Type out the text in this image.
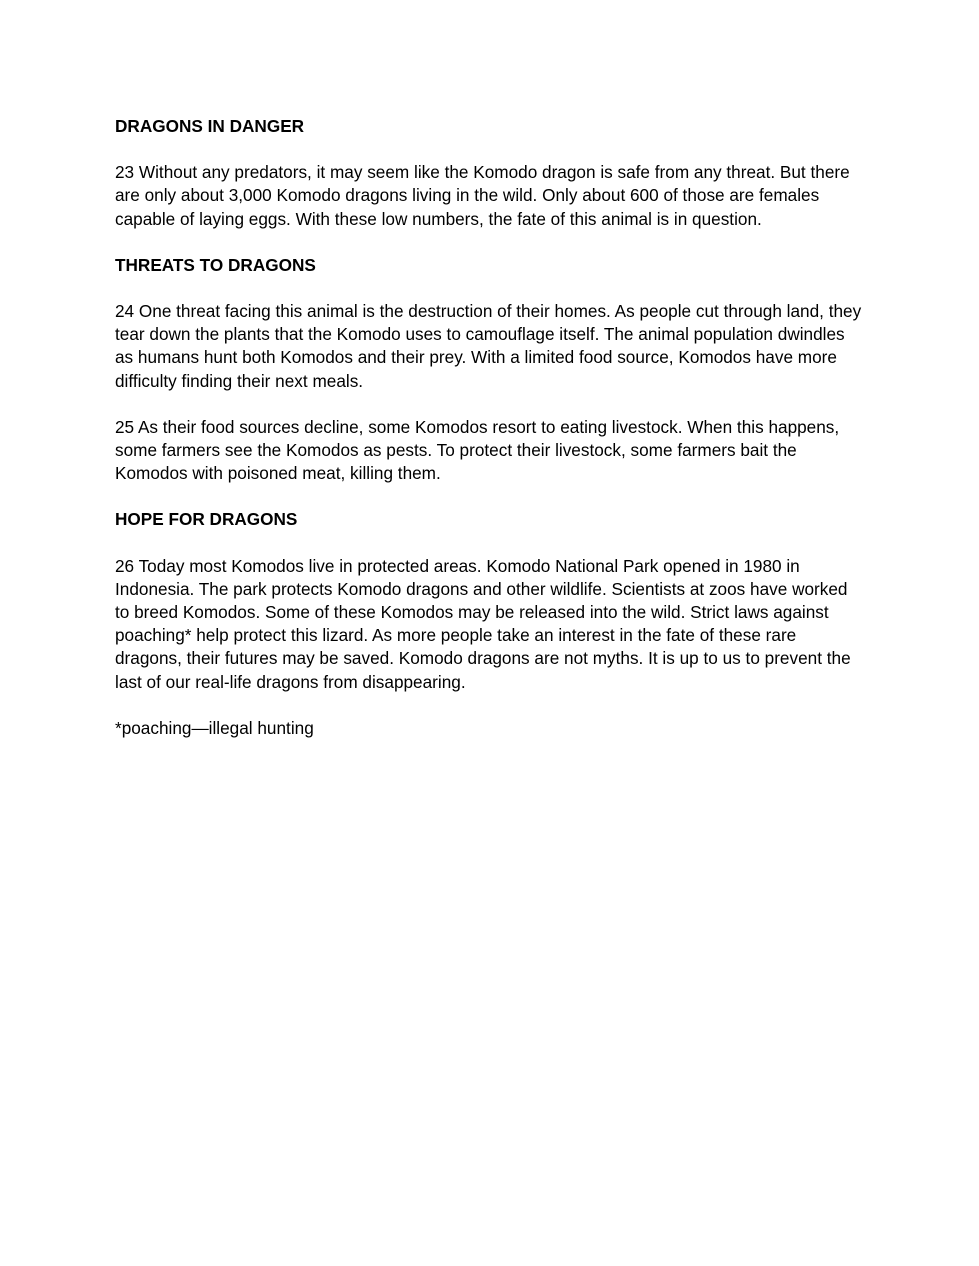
DRAGONS IN DANGER
23 Without any predators, it may seem like the Komodo dragon is safe from any threat. But there are only about 3,000 Komodo dragons living in the wild. Only about 600 of those are females capable of laying eggs. With these low numbers, the fate of this animal is in question.
THREATS TO DRAGONS
24 One threat facing this animal is the destruction of their homes. As people cut through land, they tear down the plants that the Komodo uses to camouflage itself. The animal population dwindles as humans hunt both Komodos and their prey. With a limited food source, Komodos have more difficulty finding their next meals.
25 As their food sources decline, some Komodos resort to eating livestock. When this happens, some farmers see the Komodos as pests. To protect their livestock, some farmers bait the Komodos with poisoned meat, killing them.
HOPE FOR DRAGONS
26 Today most Komodos live in protected areas. Komodo National Park opened in 1980 in Indonesia. The park protects Komodo dragons and other wildlife. Scientists at zoos have worked to breed Komodos. Some of these Komodos may be released into the wild. Strict laws against poaching* help protect this lizard. As more people take an interest in the fate of these rare dragons, their futures may be saved. Komodo dragons are not myths. It is up to us to prevent the last of our real-life dragons from disappearing.
*poaching—illegal hunting
